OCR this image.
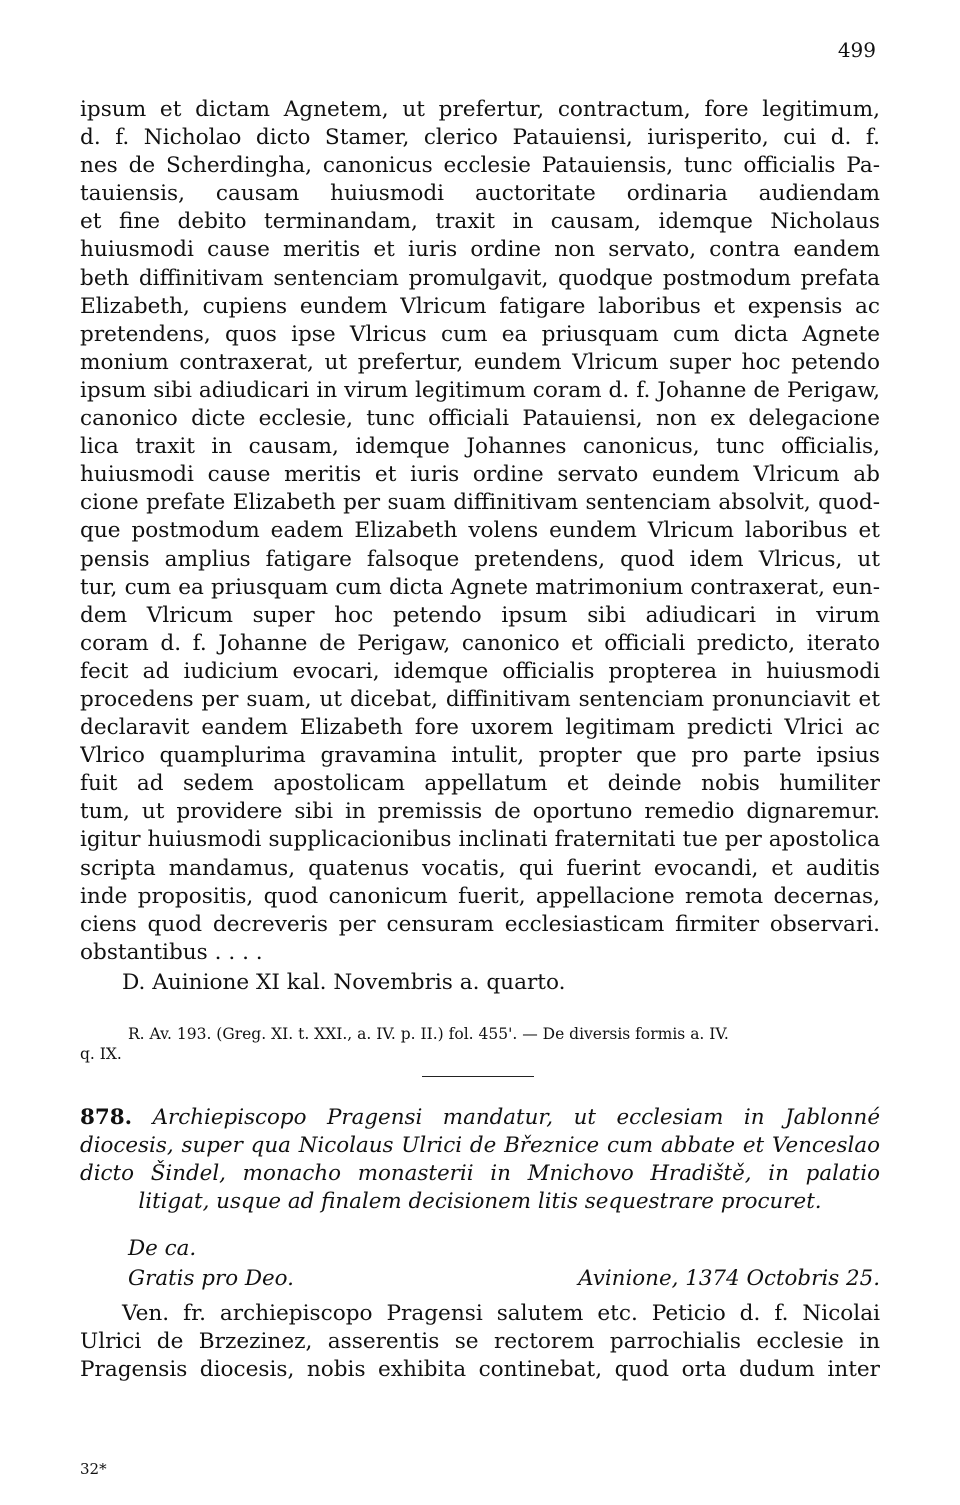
499
ipsum et dictam Agnetem, ut prefertur, contractum, fore legitimum,
d. f. Nicholao dicto Stamer, clerico Patauiensi, iurisperito, cui d. f.
nes de Scherdingha, canonicus ecclesie Patauiensis, tunc officialis Pa-
tauiensis, causam huiusmodi auctoritate ordinaria audiendam
et fine debito terminandam, traxit in causam, idemque Nicholaus
huiusmodi cause meritis et iuris ordine non servato, contra eandem
beth diffinitivam sentenciam promulgavit, quodque postmodum prefata
Elizabeth, cupiens eundem Vlricum fatigare laboribus et expensis ac
pretendens, quos ipse Vlricus cum ea priusquam cum dicta Agnete
monium contraxerat, ut prefertur, eundem Vlricum super hoc petendo
ipsum sibi adiudicari in virum legitimum coram d. f. Johanne de Perigaw,
canonico dicte ecclesie, tunc officiali Patauiensi, non ex delegacione
lica traxit in causam, idemque Johannes canonicus, tunc officialis,
huiusmodi cause meritis et iuris ordine servato eundem Vlricum ab
cione prefate Elizabeth per suam diffinitivam sentenciam absolvit, quod-
que postmodum eadem Elizabeth volens eundem Vlricum laboribus et
pensis amplius fatigare falsoque pretendens, quod idem Vlricus, ut
tur, cum ea priusquam cum dicta Agnete matrimonium contraxerat, eun-
dem Vlricum super hoc petendo ipsum sibi adiudicari in virum
coram d. f. Johanne de Perigaw, canonico et officiali predicto, iterato
fecit ad iudicium evocari, idemque officialis propterea in huiusmodi
procedens per suam, ut dicebat, diffinitivam sentenciam pronunciavit et
declaravit eandem Elizabeth fore uxorem legitimam predicti Vlrici ac
Vlrico quamplurima gravamina intulit, propter que pro parte ipsius
fuit ad sedem apostolicam appellatum et deinde nobis humiliter
tum, ut providere sibi in premissis de oportuno remedio dignaremur.
igitur huiusmodi supplicacionibus inclinati fraternitati tue per apostolica
scripta mandamus, quatenus vocatis, qui fuerint evocandi, et auditis
inde propositis, quod canonicum fuerit, appellacione remota decernas,
ciens quod decreveris per censuram ecclesiasticam firmiter observari.
obstantibus . . . .
D. Auinione XI kal. Novembris a. quarto.
R. Av. 193. (Greg. XI. t. XXI., a. IV. p. II.) fol. 455'. — De diversis formis a. IV.
q. IX.
878. Archiepiscopo Pragensi mandatur, ut ecclesiam in Jablonné
diocesis, super qua Nicolaus Ulrici de Březnice cum abbate et Venceslao
dicto Šindel, monacho monasterii in Mnichovo Hradiště, in palatio
litigat, usque ad finalem decisionem litis sequestrare procuret.
De ca.
Gratis pro Deo.	Avinione, 1374 Octobris 25.
Ven. fr. archiepiscopo Pragensi salutem etc. Peticio d. f. Nicolai
Ulrici de Brzezinez, asserentis se rectorem parrochialis ecclesie in
Pragensis diocesis, nobis exhibita continebat, quod orta dudum inter
32*
